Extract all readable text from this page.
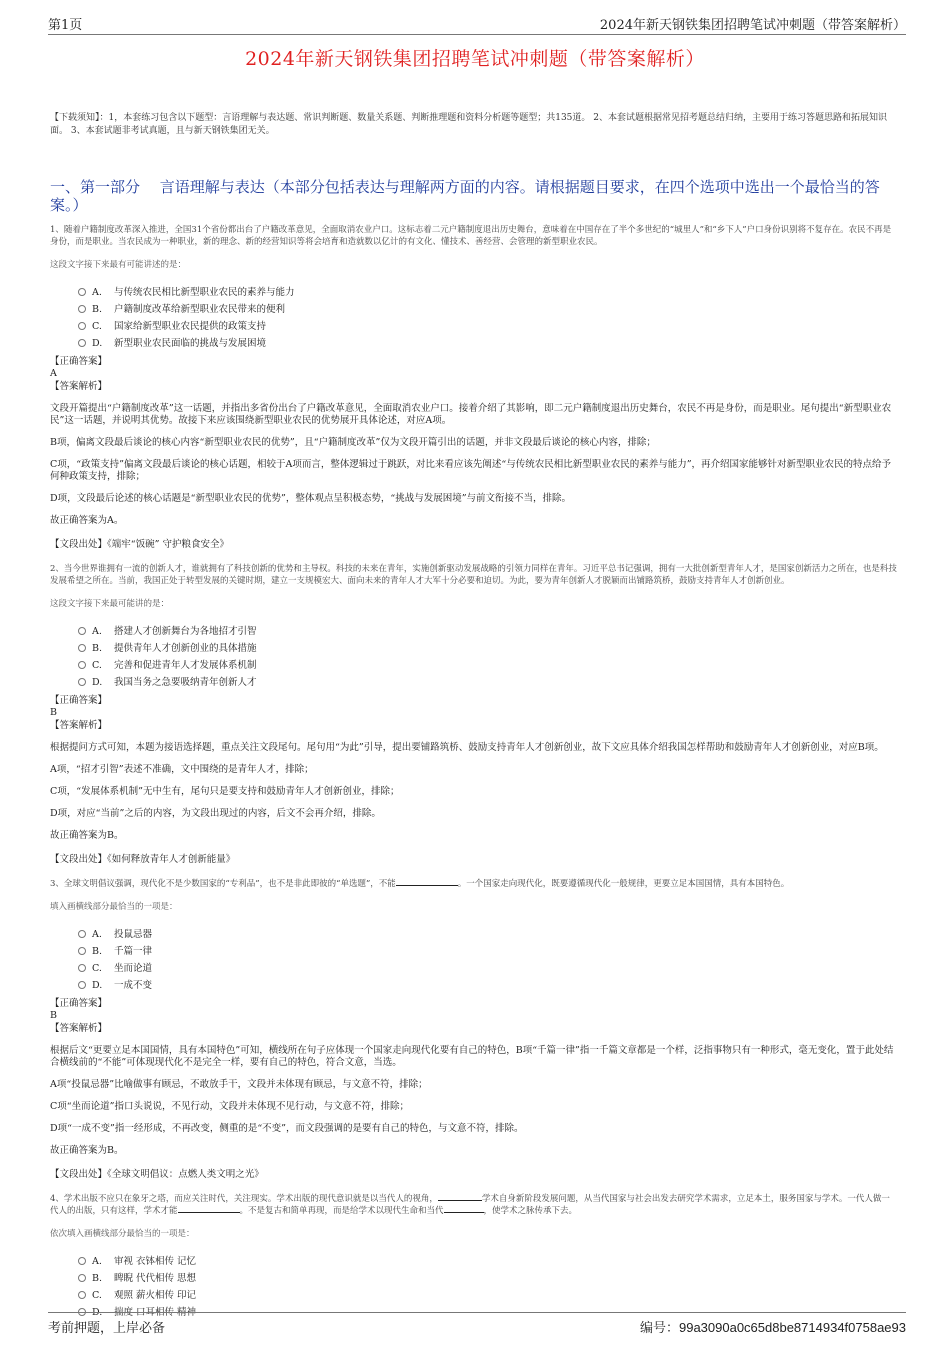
第1页	2024年新天钢铁集团招聘笔试冲刺题（带答案解析）
2024年新天钢铁集团招聘笔试冲刺题（带答案解析）
【下载须知】：1，本套练习包含以下题型：言语理解与表达题、常识判断题、数量关系题、判断推理题和资料分析题等题型；共135道。 2、本套试题根据常见招考题总结归纳，主要用于练习答题思路和拓展知识面。 3、本套试题非考试真题，且与新天钢铁集团无关。
一、第一部分　 言语理解与表达（本部分包括表达与理解两方面的内容。请根据题目要求，在四个选项中选出一个最恰当的答案。）

1、随着户籍制度改革深入推进，全国31个省份都出台了户籍改革意见，全面取消农业户口。这标志着二元户籍制度退出历史舞台，意味着在中国存在了半个多世纪的“城里人”和“乡下人”户口身份识别将不复存在。农民不再是身份，而是职业。当农民成为一种职业，新的理念、新的经营知识等将会培育和造就数以亿计的有文化、懂技术、善经营、会管理的新型职业农民。

这段文字接下来最有可能讲述的是：

A. 与传统农民相比新型职业农民的素养与能力
B. 户籍制度改革给新型职业农民带来的便利
C. 国家给新型职业农民提供的政策支持
D. 新型职业农民面临的挑战与发展困境
【正确答案】
A
【答案解析】

文段开篇提出“户籍制度改革”这一话题，并指出多省份出台了户籍改革意见，全面取消农业户口。接着介绍了其影响，即二元户籍制度退出历史舞台，农民不再是身份，而是职业。尾句提出“新型职业农民”这一话题，并说明其优势。故接下来应该围绕新型职业农民的优势展开具体论述，对应A项。

B项，偏离文段最后谈论的核心内容“新型职业农民的优势”，且“户籍制度改革”仅为文段开篇引出的话题，并非文段最后谈论的核心内容，排除；

C项，“政策支持”偏离文段最后谈论的核心话题，相较于A项而言，整体逻辑过于跳跃，对比来看应该先阐述“与传统农民相比新型职业农民的素养与能力”，再介绍国家能够针对新型职业农民的特点给予何种政策支持，排除；

D项，文段最后论述的核心话题是“新型职业农民的优势”，整体观点呈积极态势，“挑战与发展困境”与前文衔接不当，排除。

故正确答案为A。

【文段出处】《端牢“饭碗” 守护粮食安全》

2、当今世界谁拥有一流的创新人才，谁就拥有了科技创新的优势和主导权。科技的未来在青年，实施创新驱动发展战略的引领力同样在青年。习近平总书记强调，拥有一大批创新型青年人才，是国家创新活力之所在，也是科技发展希望之所在。当前，我国正处于转型发展的关键时期，建立一支规模宏大、面向未来的青年人才大军十分必要和迫切。为此，要为青年创新人才脱颖而出铺路筑桥，鼓励支持青年人才创新创业。

这段文字接下来最可能讲的是：

A. 搭建人才创新舞台为各地招才引智
B. 提供青年人才创新创业的具体措施
C. 完善和促进青年人才发展体系机制
D. 我国当务之急要吸纳青年创新人才
【正确答案】
B
【答案解析】

根据提问方式可知，本题为接语选择题，重点关注文段尾句。尾句用“为此”引导，提出要铺路筑桥、鼓励支持青年人才创新创业，故下文应具体介绍我国怎样帮助和鼓励青年人才创新创业，对应B项。

A项，“招才引智”表述不准确，文中围绕的是青年人才，排除；

C项，“发展体系机制”无中生有，尾句只是要支持和鼓励青年人才创新创业，排除；

D项，对应“当前”之后的内容，为文段出现过的内容，后文不会再介绍，排除。

故正确答案为B。

【文段出处】《如何释放青年人才创新能量》

3、全球文明倡议强调，现代化不是少数国家的“专利品”，也不是非此即彼的“单选题”，不能	。一个国家走向现代化，既要遵循现代化一般规律，更要立足本国国情，具有本国特色。

填入画横线部分最恰当的一项是：

A. 投鼠忌器
B. 千篇一律
C. 坐而论道
D. 一成不变
【正确答案】
B
【答案解析】

根据后文“更要立足本国国情，具有本国特色”可知，横线所在句子应体现一个国家走向现代化要有自己的特色，B项“千篇一律”指一千篇文章都是一个样，泛指事物只有一种形式，毫无变化，置于此处结合横线前的“不能”可体现现代化不是完全一样，要有自己的特色，符合文意，当选。

A项“投鼠忌器”比喻做事有顾忌，不敢放手干，文段并未体现有顾忌，与文意不符，排除；

C项“坐而论道”指口头说说，不见行动，文段并未体现不见行动，与文意不符，排除；

D项“一成不变”指一经形成，不再改变，侧重的是“不变”，而文段强调的是要有自己的特色，与文意不符，排除。

故正确答案为B。

【文段出处】《全球文明倡议：点燃人类文明之光》

4、学术出版不应只在象牙之塔，而应关注时代，关注现实。学术出版的现代意识就是以当代人的视角，	学术自身新阶段发展问题，从当代国家与社会出发去研究学术需求，立足本土，服务国家与学术。一代人做一代人的出版，只有这样，学术才能	。不是复古和简单再现，而是给学术以现代生命和当代	，使学术之脉传承下去。

依次填入画横线部分最恰当的一项是：

A. 审视 衣钵相传 记忆
B. 睥睨 代代相传 思想
C. 观照 薪火相传 印记
D. 揣度 口耳相传 精神
考前押题，上岸必备	编号：99a3090a0c65d8be8714934f0758ae93
